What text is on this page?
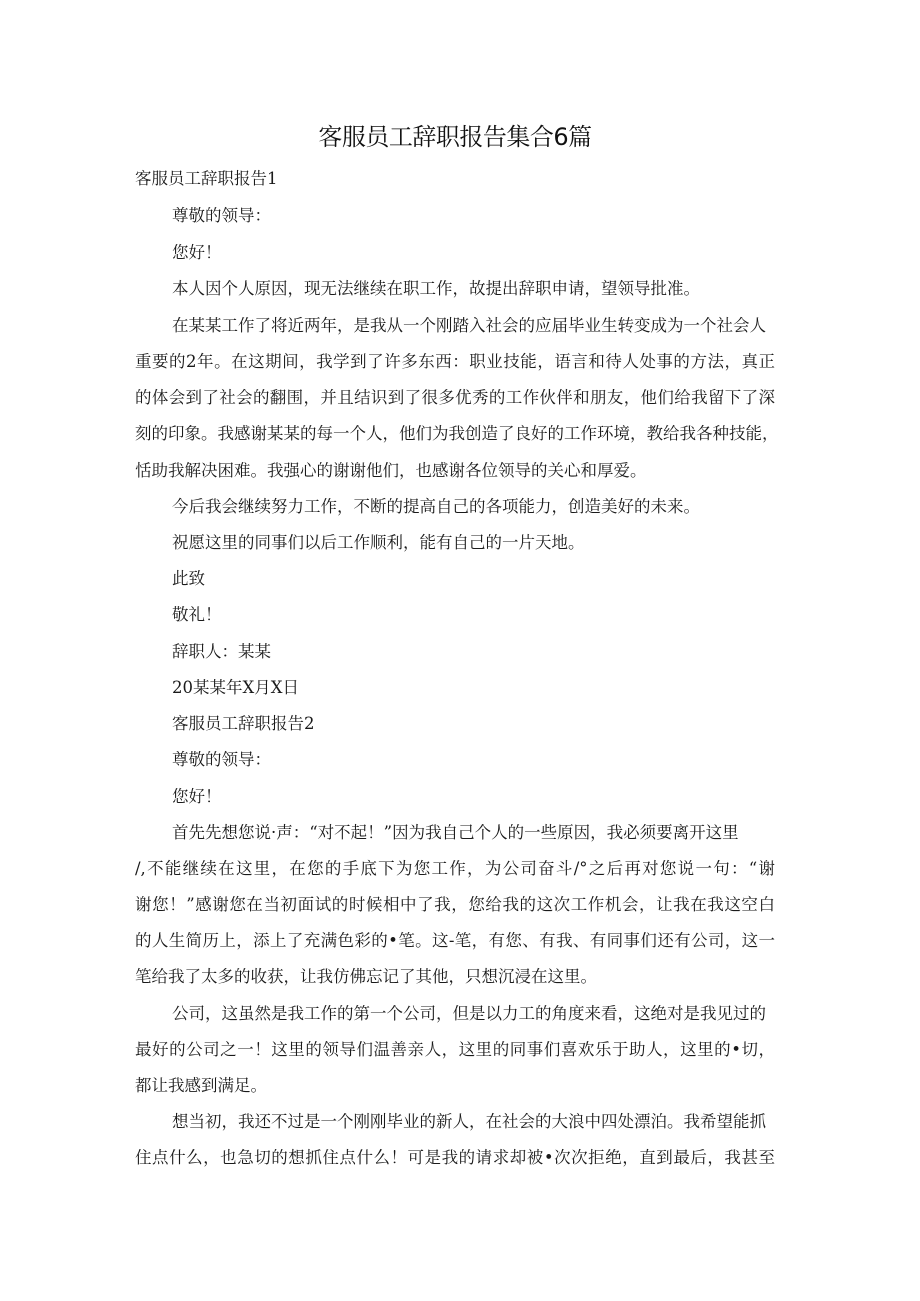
客服员工辞职报告集合6篇

客服员工辞职报告1

尊敬的领导：

您好！

本人因个人原因，现无法继续在职工作，故提出辞职申请，望领导批准。

在某某工作了将近两年，是我从一个刚踏入社会的应届毕业生转变成为一个社会人

重要的2年。在这期间，我学到了许多东西：职业技能，语言和待人处事的方法，真正

的体会到了社会的翻围，并且结识到了很多优秀的工作伙伴和朋友，他们给我留下了深

刻的印象。我感谢某某的每一个人，他们为我创造了良好的工作环境，教给我各种技能，

恬助我解决困难。我强心的谢谢他们，也感谢各位领导的关心和厚爱。

今后我会继续努力工作，不断的提高自己的各项能力，创造美好的未来。

祝愿这里的同事们以后工作顺利，能有自己的一片天地。

此致

敬礼！

辞职人：某某

20某某年X月X日

客服员工辞职报告2

尊敬的领导：

您好！

首先先想您说·声：“对不起！”因为我自己个人的一些原因，我必须要离开这里

/,不能继续在这里，在您的手底下为您工作，为公司奋斗/°之后再对您说一句：“谢

谢您！”感谢您在当初面试的时候相中了我，您给我的这次工作机会，让我在我这空白

的人生简历上，添上了充满色彩的•笔。这-笔，有您、有我、有同事们还有公司，这一

笔给我了太多的收获，让我仿佛忘记了其他，只想沉浸在这里。

公司，这虽然是我工作的第一个公司，但是以力工的角度来看，这绝对是我见过的

最好的公司之一！这里的领导们温善亲人，这里的同事们喜欢乐于助人，这里的•切，

都让我感到满足。

想当初，我还不过是一个刚刚毕业的新人，在社会的大浪中四处漂泊。我希望能抓

住点什么，也急切的想抓住点什么！可是我的请求却被•次次拒绝，直到最后，我甚至
